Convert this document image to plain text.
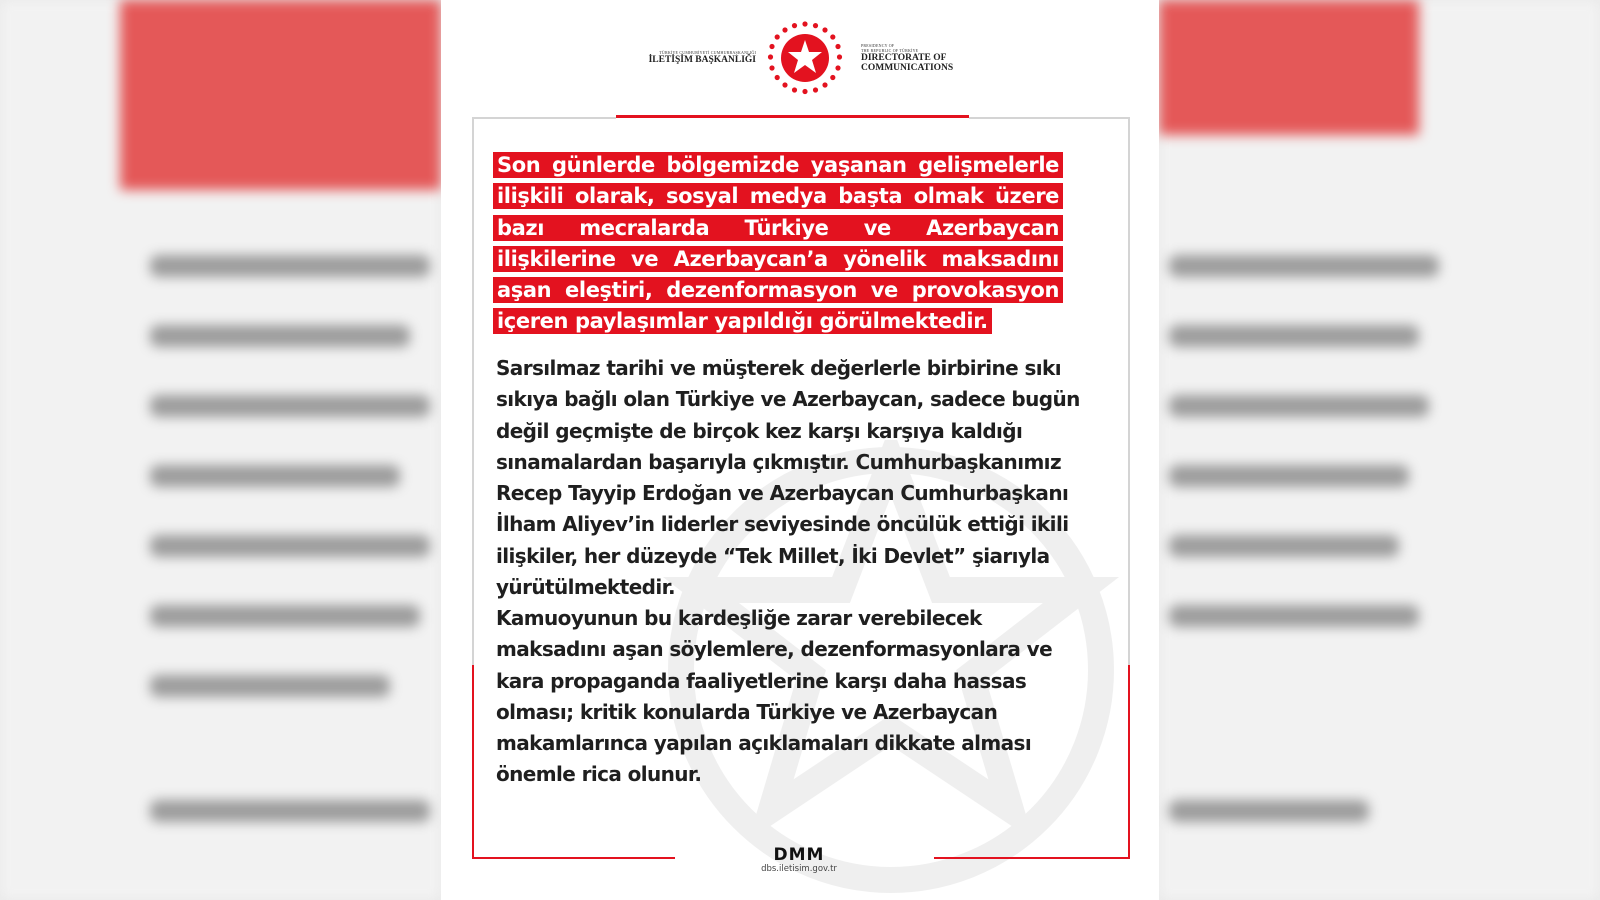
TÜRKİYE CUMHURİYETİ CUMHURBAŞKANLIĞI
İLETİŞİM BAŞKANLIĞI
PRESIDENCY OF
THE REPUBLIC OF TÜRKİYE
DIRECTORATE OF
COMMUNICATIONS

Son günlerde bölgemizde yaşanan gelişmelerle ilişkili olarak, sosyal medya başta olmak üzere bazı mecralarda Türkiye ve Azerbaycan ilişkilerine ve Azerbaycan’a yönelik maksadını aşan eleştiri, dezenformasyon ve provokasyon içeren paylaşımlar yapıldığı görülmektedir.

Sarsılmaz tarihi ve müşterek değerlerle birbirine sıkı sıkıya bağlı olan Türkiye ve Azerbaycan, sadece bugün değil geçmişte de birçok kez karşı karşıya kaldığı sınamalardan başarıyla çıkmıştır. Cumhurbaşkanımız Recep Tayyip Erdoğan ve Azerbaycan Cumhurbaşkanı İlham Aliyev’in liderler seviyesinde öncülük ettiği ikili ilişkiler, her düzeyde “Tek Millet, İki Devlet” şiarıyla yürütülmektedir.

Kamuoyunun bu kardeşliğe zarar verebilecek maksadını aşan söylemlere, dezenformasyonlara ve kara propaganda faaliyetlerine karşı daha hassas olması; kritik konularda Türkiye ve Azerbaycan makamlarınca yapılan açıklamaları dikkate alması önemle rica olunur.

DMM
dbs.iletisim.gov.tr
